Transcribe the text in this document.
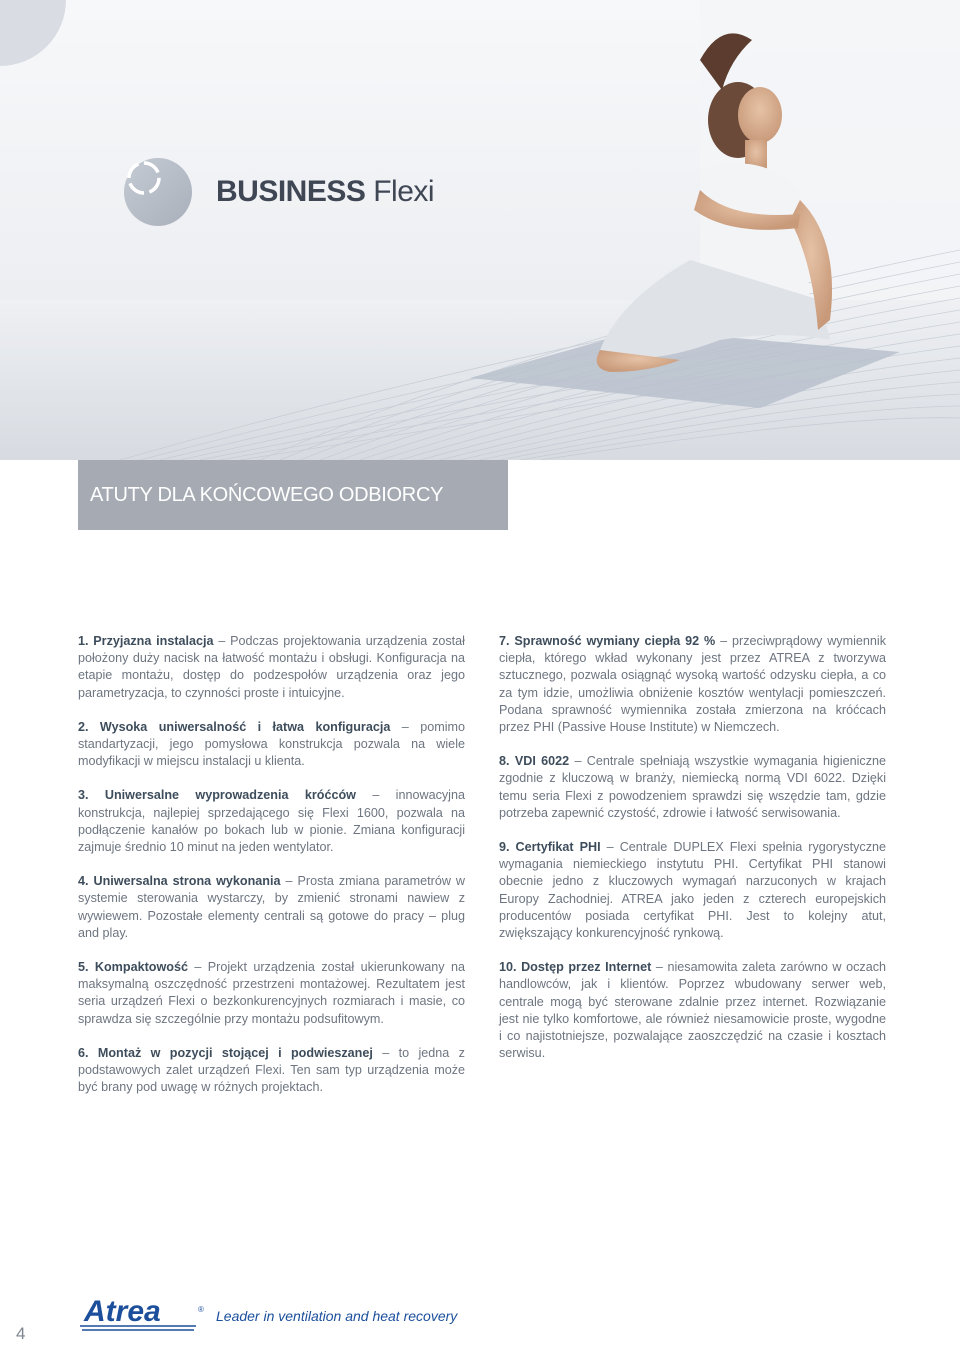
BUSINESS Flexi
ATUTY DLA KOŃCOWEGO ODBIORCY

1. Przyjazna instalacja – Podczas projektowania urządzenia został położony duży nacisk na łatwość montażu i obsługi. Konfiguracja na etapie montażu, dostęp do podzespołów urządzenia oraz jego parametryzacja, to czynności proste i intuicyjne.

2. Wysoka uniwersalność i łatwa konfiguracja – pomimo standartyzacji, jego pomysłowa konstrukcja pozwala na wiele modyfikacji w miejscu instalacji u klienta.

3. Uniwersalne wyprowadzenia króćców – innowacyjna konstrukcja, najlepiej sprzedającego się Flexi 1600, pozwala na podłączenie kanałów po bokach lub w pionie. Zmiana konfiguracji zajmuje średnio 10 minut na jeden wentylator.

4. Uniwersalna strona wykonania – Prosta zmiana parametrów w systemie sterowania wystarczy, by zmienić stronami nawiew z wywiewem. Pozostałe elementy centrali są gotowe do pracy – plug and play.

5. Kompaktowość – Projekt urządzenia został ukierunkowany na maksymalną oszczędność przestrzeni montażowej. Rezultatem jest seria urządzeń Flexi o bezkonkurencyjnych rozmiarach i masie, co sprawdza się szczególnie przy montażu podsufitowym.

6. Montaż w pozycji stojącej i podwieszanej – to jedna z podstawowych zalet urządzeń Flexi. Ten sam typ urządzenia może być brany pod uwagę w różnych projektach.

7. Sprawność wymiany ciepła 92 % – przeciwprądowy wymiennik ciepła, którego wkład wykonany jest przez ATREA z tworzywa sztucznego, pozwala osiągnąć wysoką wartość odzysku ciepła, a co za tym idzie, umożliwia obniżenie kosztów wentylacji pomieszczeń. Podana sprawność wymiennika została zmierzona na króćcach przez PHI (Passive House Institute) w Niemczech.

8. VDI 6022 – Centrale spełniają wszystkie wymagania higieniczne zgodnie z kluczową w branży, niemiecką normą VDI 6022. Dzięki temu seria Flexi z powodzeniem sprawdzi się wszędzie tam, gdzie potrzeba zapewnić czystość, zdrowie i łatwość serwisowania.

9. Certyfikat PHI – Centrale DUPLEX Flexi spełnia rygorystyczne wymagania niemieckiego instytutu PHI. Certyfikat PHI stanowi obecnie jedno z kluczowych wymagań narzuconych w krajach Europy Zachodniej. ATREA jako jeden z czterech europejskich producentów posiada certyfikat PHI. Jest to kolejny atut, zwiększający konkurencyjność rynkową.

10. Dostęp przez Internet – niesamowita zaleta zarówno w oczach handlowców, jak i klientów. Poprzez wbudowany serwer web, centrale mogą być sterowane zdalnie przez internet. Rozwiązanie jest nie tylko komfortowe, ale również niesamowicie proste, wygodne i co najistotniejsze, pozwalające zaoszczędzić na czasie i kosztach serwisu.

4
Atrea	® Leader in ventilation and heat recovery
